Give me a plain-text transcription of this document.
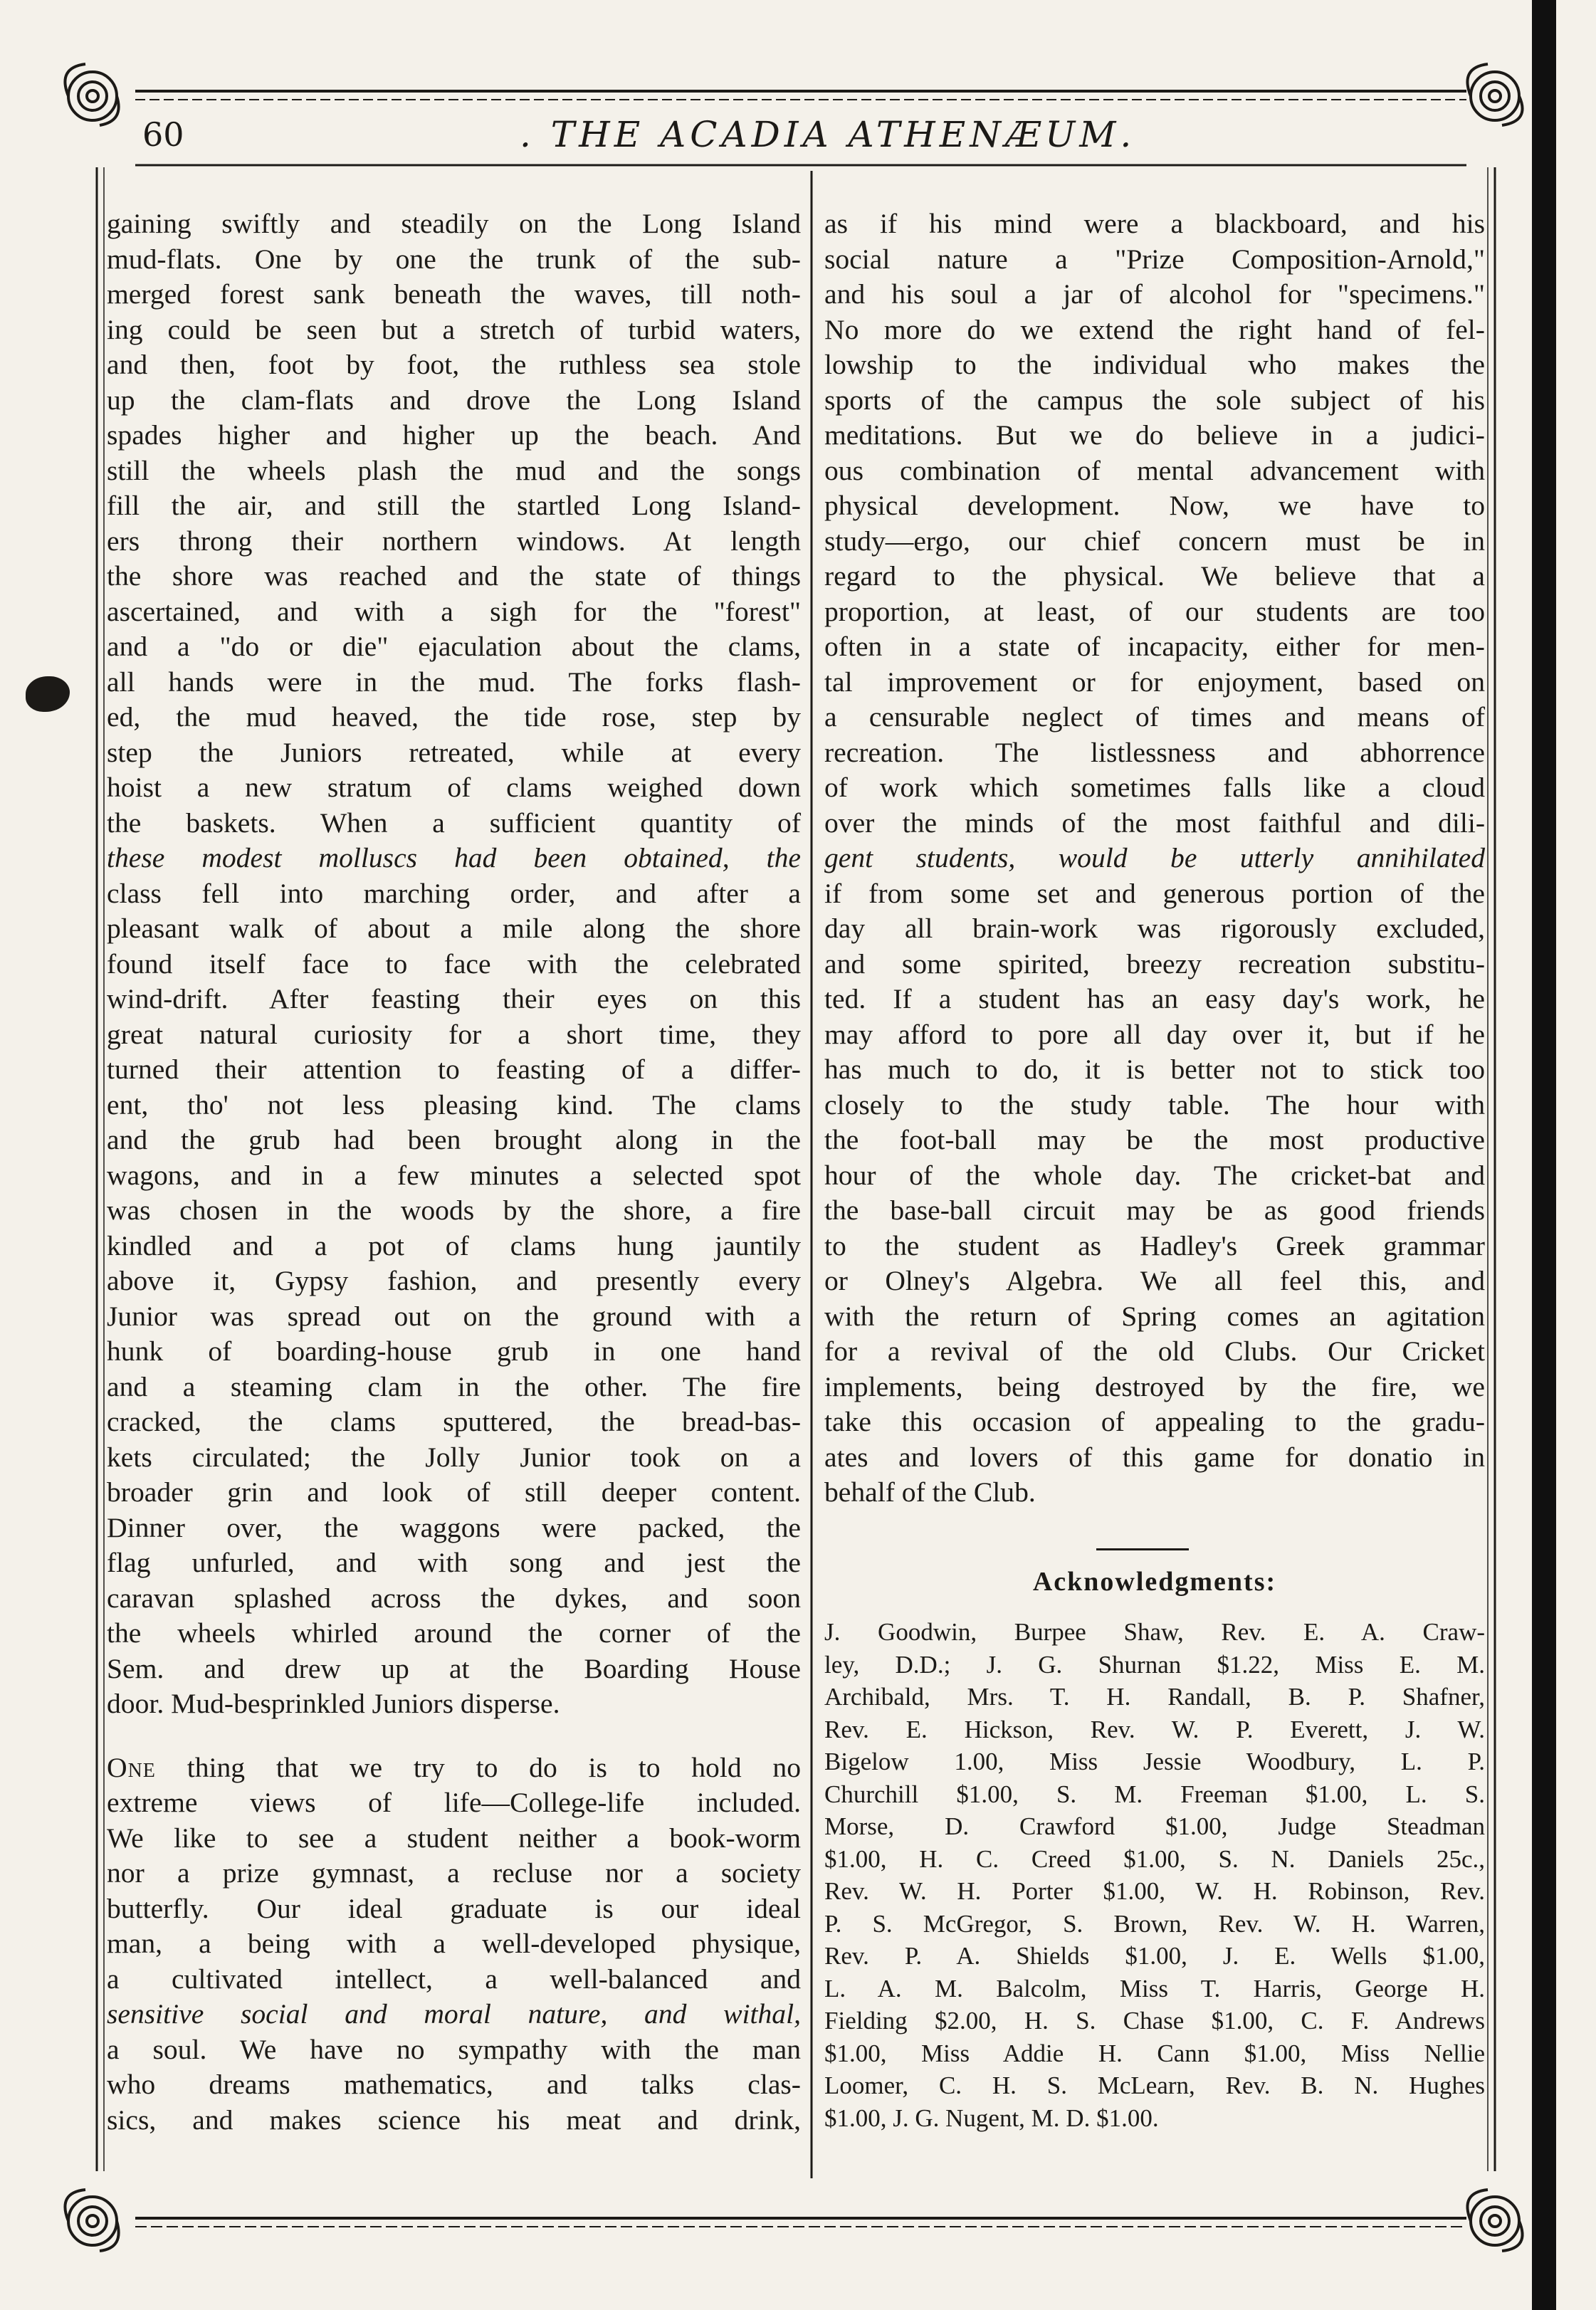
60	. THE ACADIA ATHENÆUM.
gaining swiftly and steadily on the Long Island
mud-flats. One by one the trunk of the sub-
merged forest sank beneath the waves, till noth-
ing could be seen but a stretch of turbid waters,
and then, foot by foot, the ruthless sea stole
up the clam-flats and drove the Long Island
spades higher and higher up the beach. And
still the wheels plash the mud and the songs
fill the air, and still the startled Long Island-
ers throng their northern windows. At length
the shore was reached and the state of things
ascertained, and with a sigh for the "forest"
and a "do or die" ejaculation about the clams,
all hands were in the mud. The forks flash-
ed, the mud heaved, the tide rose, step by
step the Juniors retreated, while at every
hoist a new stratum of clams weighed down
the baskets. When a sufficient quantity of
these modest molluscs had been obtained, the
class fell into marching order, and after a
pleasant walk of about a mile along the shore
found itself face to face with the celebrated
wind-drift. After feasting their eyes on this
great natural curiosity for a short time, they
turned their attention to feasting of a differ-
ent, tho' not less pleasing kind. The clams
and the grub had been brought along in the
wagons, and in a few minutes a selected spot
was chosen in the woods by the shore, a fire
kindled and a pot of clams hung jauntily
above it, Gypsy fashion, and presently every
Junior was spread out on the ground with a
hunk of boarding-house grub in one hand
and a steaming clam in the other. The fire
cracked, the clams sputtered, the bread-bas-
kets circulated; the Jolly Junior took on a
broader grin and look of still deeper content.
Dinner over, the waggons were packed, the
flag unfurled, and with song and jest the
caravan splashed across the dykes, and soon
the wheels whirled around the corner of the
Sem. and drew up at the Boarding House
door. Mud-besprinkled Juniors disperse.
One thing that we try to do is to hold no
extreme views of life—College-life included.
We like to see a student neither a book-worm
nor a prize gymnast, a recluse nor a society
butterfly. Our ideal graduate is our ideal
man, a being with a well-developed physique,
a cultivated intellect, a well-balanced and
sensitive social and moral nature, and withal,
a soul. We have no sympathy with the man
who dreams mathematics, and talks clas-
sics, and makes science his meat and drink,
as if his mind were a blackboard, and his
social nature a "Prize Composition-Arnold,"
and his soul a jar of alcohol for "specimens."
No more do we extend the right hand of fel-
lowship to the individual who makes the
sports of the campus the sole subject of his
meditations. But we do believe in a judici-
ous combination of mental advancement with
physical development. Now, we have to
study—ergo, our chief concern must be in
regard to the physical. We believe that a
proportion, at least, of our students are too
often in a state of incapacity, either for men-
tal improvement or for enjoyment, based on
a censurable neglect of times and means of
recreation. The listlessness and abhorrence
of work which sometimes falls like a cloud
over the minds of the most faithful and dili-
gent students, would be utterly annihilated
if from some set and generous portion of the
day all brain-work was rigorously excluded,
and some spirited, breezy recreation substitu-
ted. If a student has an easy day's work, he
may afford to pore all day over it, but if he
has much to do, it is better not to stick too
closely to the study table. The hour with
the foot-ball may be the most productive
hour of the whole day. The cricket-bat and
the base-ball circuit may be as good friends
to the student as Hadley's Greek grammar
or Olney's Algebra. We all feel this, and
with the return of Spring comes an agitation
for a revival of the old Clubs. Our Cricket
implements, being destroyed by the fire, we
take this occasion of appealing to the gradu-
ates and lovers of this game for donatio in
behalf of the Club.
Acknowledgments:
J. Goodwin, Burpee Shaw, Rev. E. A. Craw-
ley, D.D.; J. G. Shurnan $1.22, Miss E. M.
Archibald, Mrs. T. H. Randall, B. P. Shafner,
Rev. E. Hickson, Rev. W. P. Everett, J. W.
Bigelow 1.00, Miss Jessie Woodbury, L. P.
Churchill $1.00, S. M. Freeman $1.00, L. S.
Morse, D. Crawford $1.00, Judge Steadman
$1.00, H. C. Creed $1.00, S. N. Daniels 25c.,
Rev. W. H. Porter $1.00, W. H. Robinson, Rev.
P. S. McGregor, S. Brown, Rev. W. H. Warren,
Rev. P. A. Shields $1.00, J. E. Wells $1.00,
L. A. M. Balcolm, Miss T. Harris, George H.
Fielding $2.00, H. S. Chase $1.00, C. F. Andrews
$1.00, Miss Addie H. Cann $1.00, Miss Nellie
Loomer, C. H. S. McLearn, Rev. B. N. Hughes
$1.00, J. G. Nugent, M. D. $1.00.
